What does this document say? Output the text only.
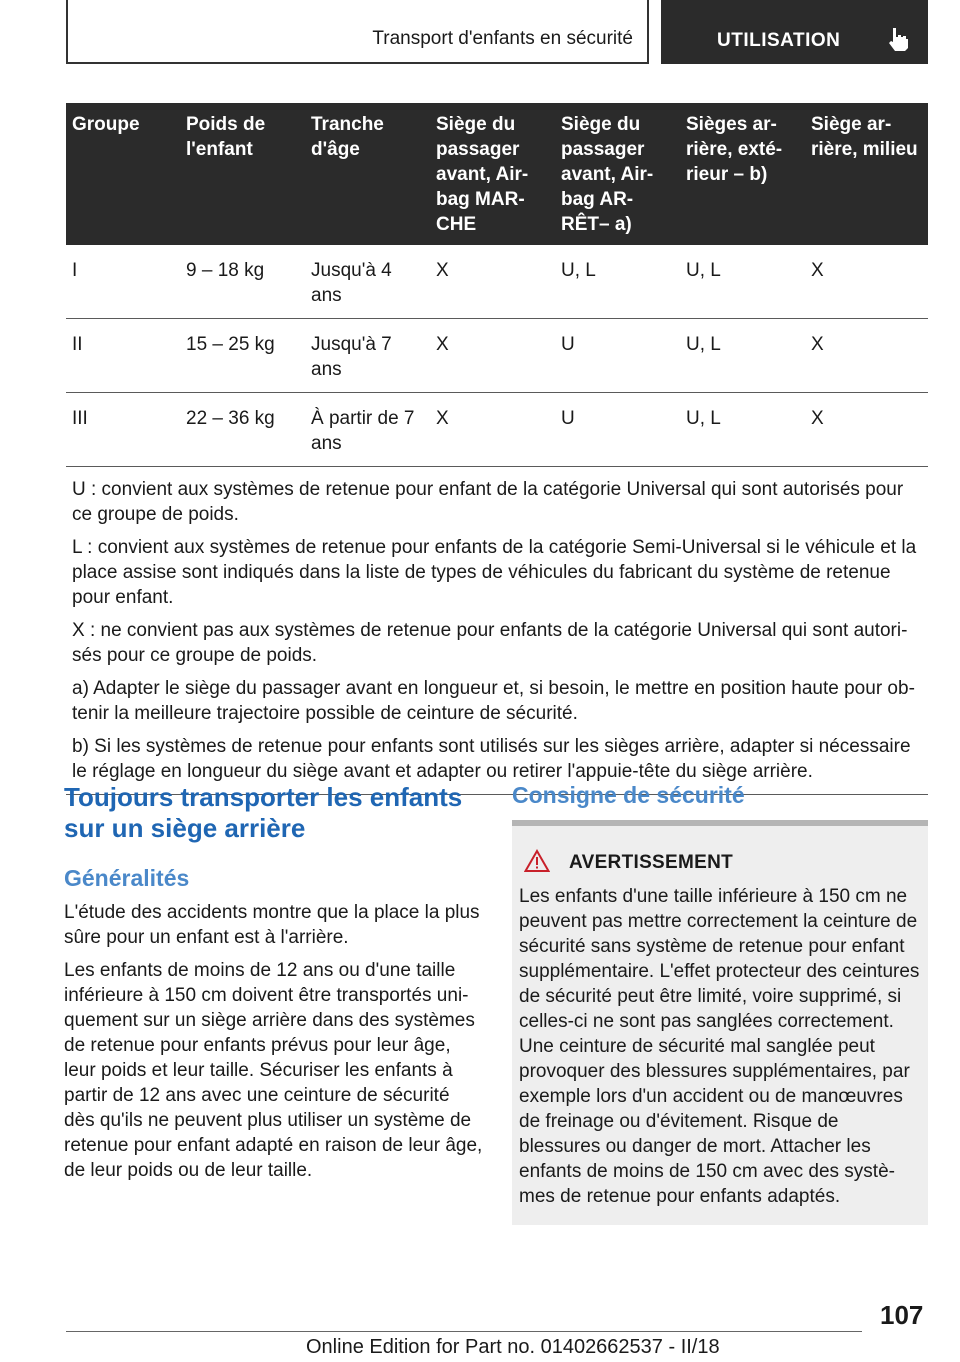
Transport d'enfants en sécurité	UTILISATION
Groupe	Poids de l'enfant	Tranche d'âge	Siège du passager avant, Airbag MARCHE	Siège du passager avant, Airbag ARRÊT– a)	Sièges arrière, extérieur – b)	Siège arrière, milieu
I	9 – 18 kg	Jusqu'à 4 ans	X	U, L	U, L	X
II	15 – 25 kg	Jusqu'à 7 ans	X	U	U, L	X
III	22 – 36 kg	À partir de 7 ans	X	U	U, L	X

U : convient aux systèmes de retenue pour enfant de la catégorie Universal qui sont autorisés pour ce groupe de poids.

L : convient aux systèmes de retenue pour enfants de la catégorie Semi-Universal si le véhicule et la place assise sont indiqués dans la liste de types de véhicules du fabricant du système de retenue pour enfant.

X : ne convient pas aux systèmes de retenue pour enfants de la catégorie Universal qui sont autorisés pour ce groupe de poids.

a) Adapter le siège du passager avant en longueur et, si besoin, le mettre en position haute pour obtenir la meilleure trajectoire possible de ceinture de sécurité.

b) Si les systèmes de retenue pour enfants sont utilisés sur les sièges arrière, adapter si nécessaire le réglage en longueur du siège avant et adapter ou retirer l'appuie-tête du siège arrière.						

Toujours transporter les enfants sur un siège arrière
Généralités

L'étude des accidents montre que la place la plus sûre pour un enfant est à l'arrière.

Les enfants de moins de 12 ans ou d'une taille inférieure à 150 cm doivent être transportés uniquement sur un siège arrière dans des systèmes de retenue pour enfants prévus pour leur âge, leur poids et leur taille. Sécuriser les enfants à partir de 12 ans avec une ceinture de sécurité dès qu'ils ne peuvent plus utiliser un système de retenue pour enfant adapté en raison de leur âge, de leur poids ou de leur taille.

Consigne de sécurité
AVERTISSEMENT

Les enfants d'une taille inférieure à 150 cm ne peuvent pas mettre correctement la ceinture de sécurité sans système de retenue pour enfant supplémentaire. L'effet protecteur des ceintures de sécurité peut être limité, voire supprimé, si celles-ci ne sont pas sanglées correctement. Une ceinture de sécurité mal sanglée peut provoquer des blessures supplémentaires, par exemple lors d'un accident ou de manœuvres de freinage ou d'évitement. Risque de blessures ou danger de mort. Attacher les enfants de moins de 150 cm avec des systèmes de retenue pour enfants adaptés.

107
Online Edition for Part no. 01402662537 - II/18
